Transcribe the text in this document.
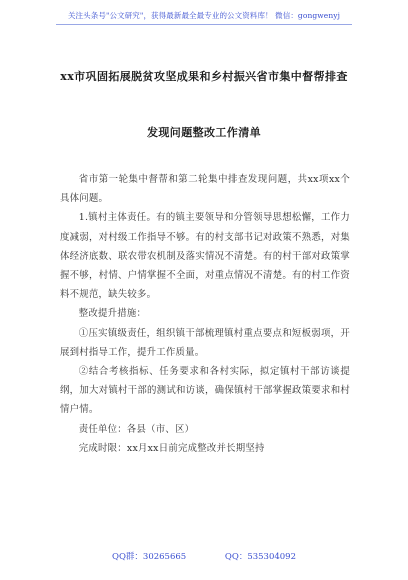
关注头条号"公文研究"，获得最新最全最专业的公文资料库！ 微信：gongwenyj
xx市巩固拓展脱贫攻坚成果和乡村振兴省市集中督帮排查
发现问题整改工作清单

省市第一轮集中督帮和第二轮集中排查发现问题，共xx项xx个具体问题。

1.镇村主体责任。有的镇主要领导和分管领导思想松懈，工作力度减弱，对村级工作指导不够。有的村支部书记对政策不熟悉，对集体经济底数、联农带农机制及落实情况不清楚。有的村干部对政策掌握不够，村情、户情掌握不全面，对重点情况不清楚。有的村工作资料不规范，缺失较多。

整改提升措施：

①压实镇级责任，组织镇干部梳理镇村重点要点和短板弱项，开展到村指导工作，提升工作质量。

②结合考核指标、任务要求和各村实际，拟定镇村干部访谈提纲，加大对镇村干部的测试和访谈，确保镇村干部掌握政策要求和村情户情。

责任单位：各县（市、区）

完成时限：xx月xx日前完成整改并长期坚持

QQ群：30265665	QQ：535304092
